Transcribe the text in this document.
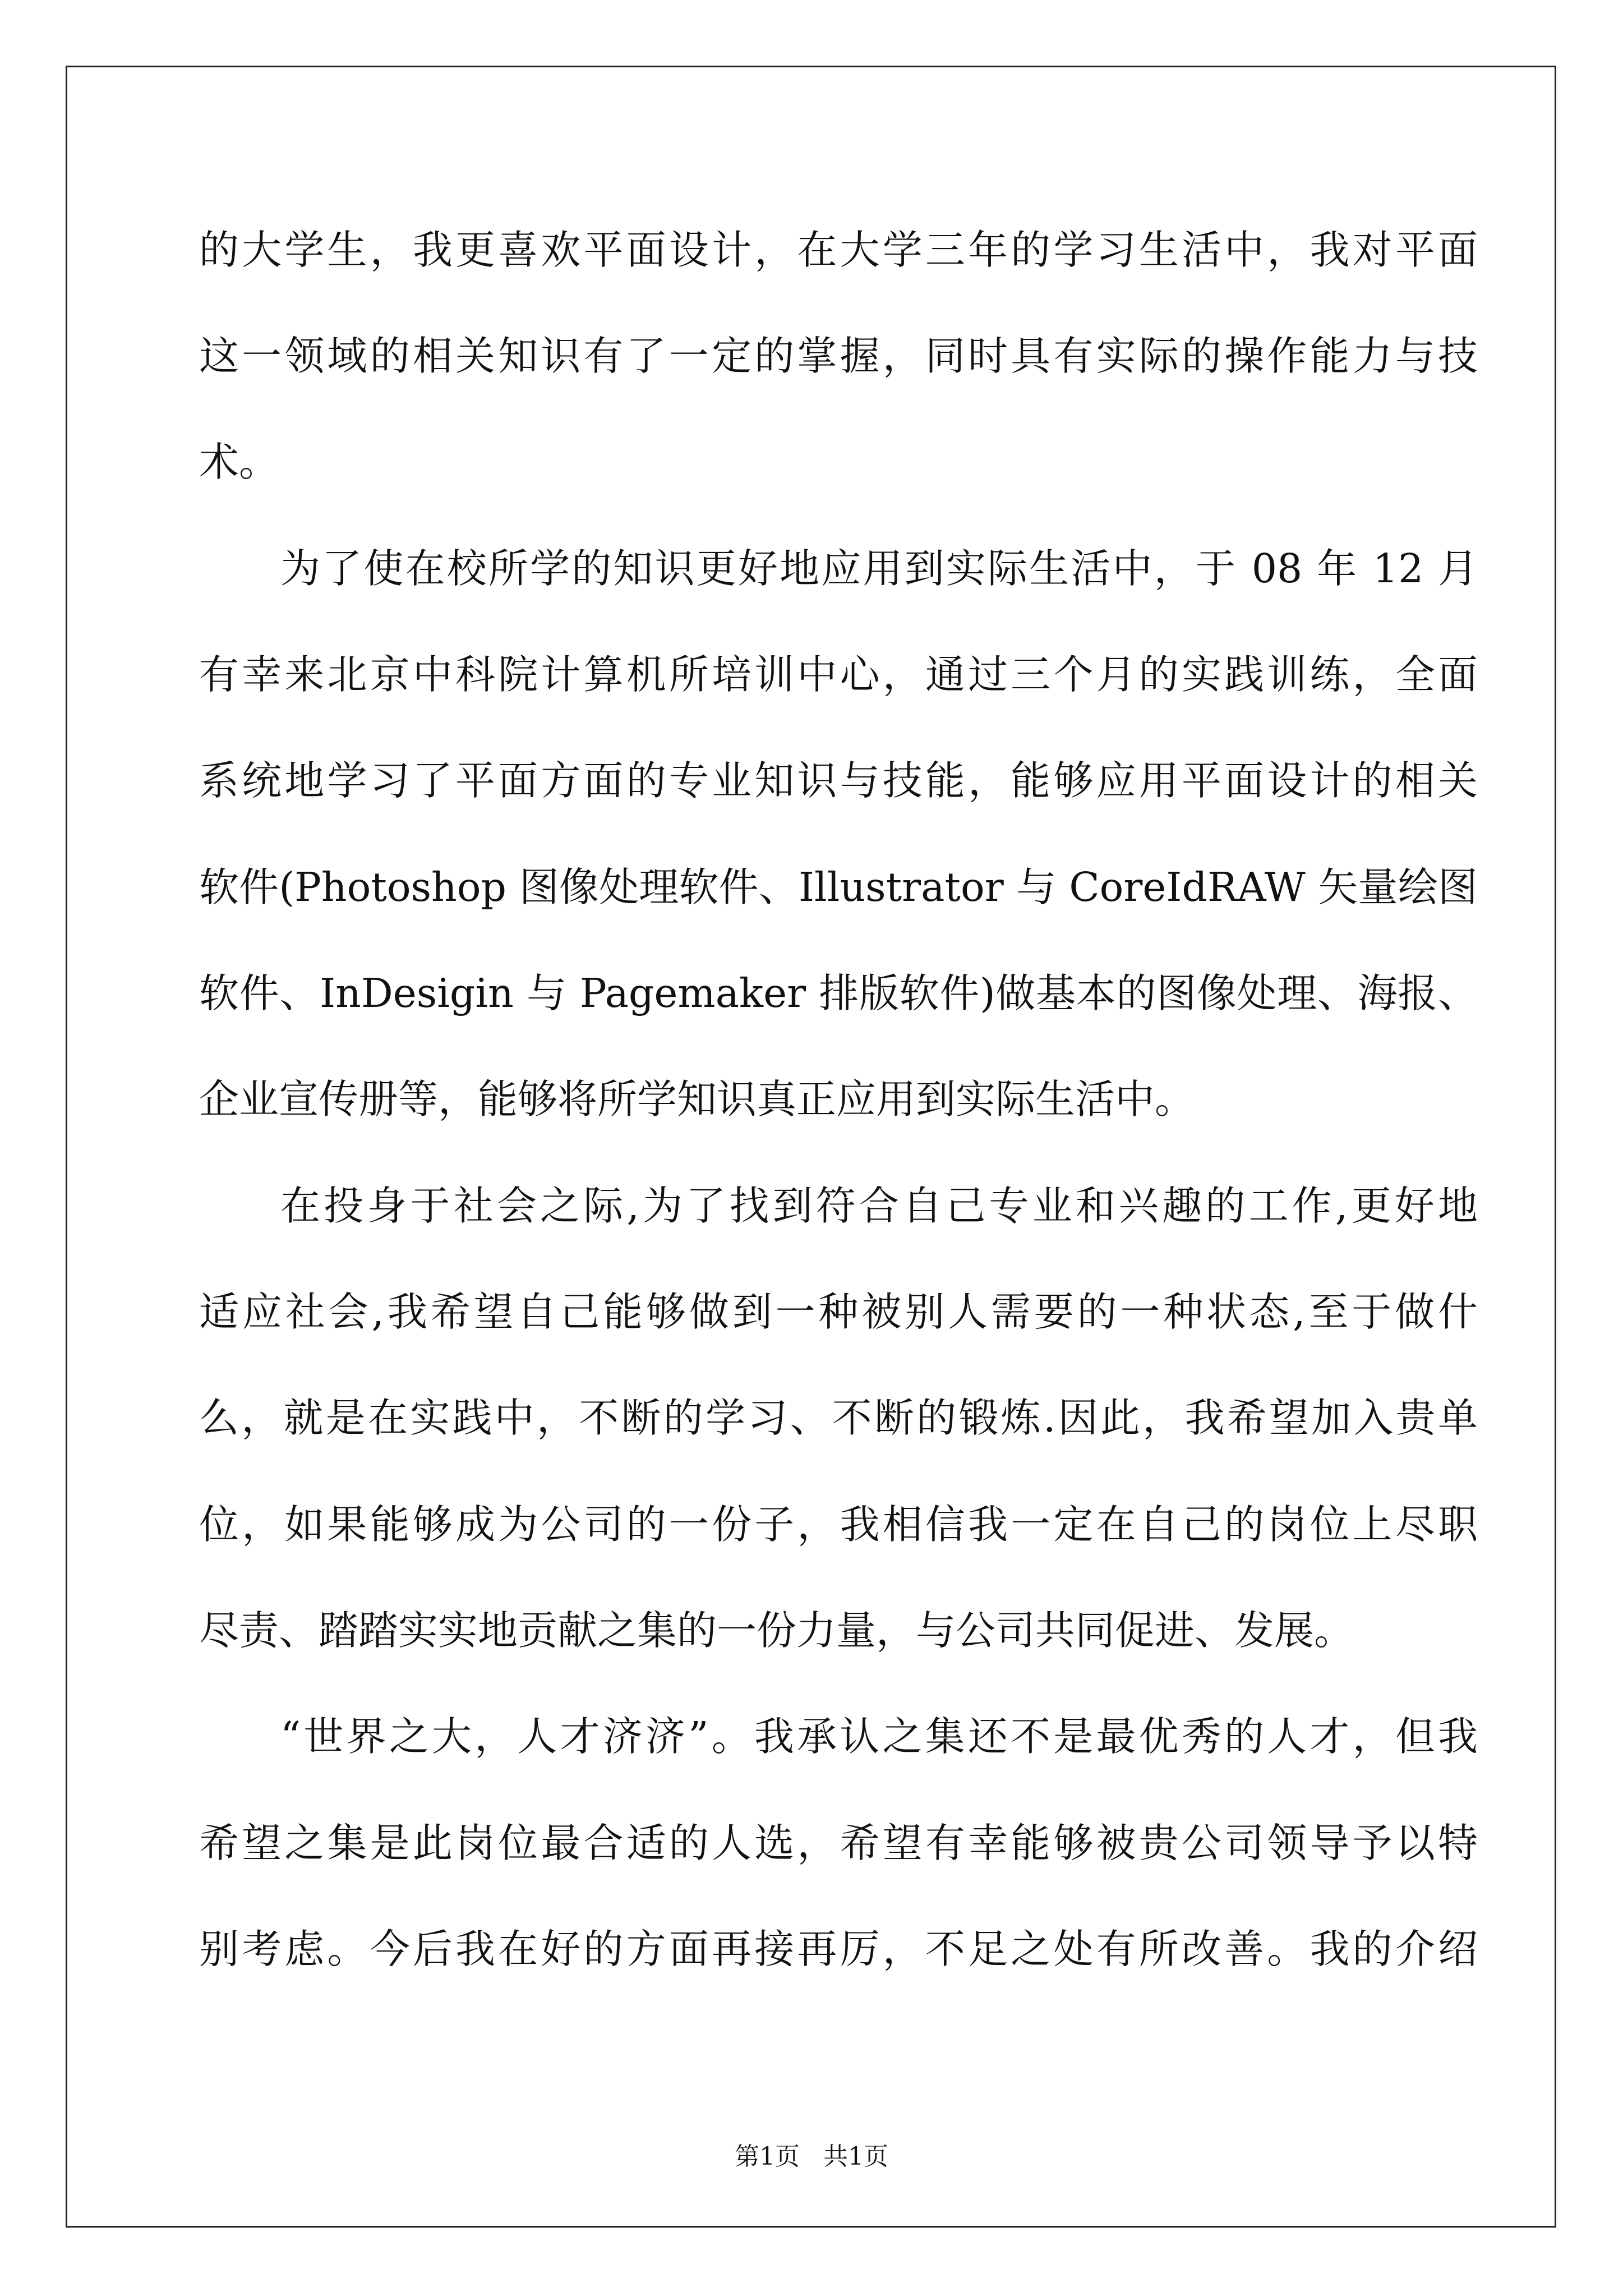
的大学生，我更喜欢平面设计，在大学三年的学习生活中，我对平面
这一领域的相关知识有了一定的掌握，同时具有实际的操作能力与技
术。
为了使在校所学的知识更好地应用到实际生活中，于 08 年 12 月
有幸来北京中科院计算机所培训中心，通过三个月的实践训练，全面
系统地学习了平面方面的专业知识与技能，能够应用平面设计的相关
软件(Photoshop 图像处理软件、Illustrator 与 CoreIdRAW 矢量绘图
软件、InDesigin 与 Pagemaker 排版软件)做基本的图像处理、海报、
企业宣传册等，能够将所学知识真正应用到实际生活中。
在投身于社会之际,为了找到符合自己专业和兴趣的工作,更好地
适应社会,我希望自己能够做到一种被别人需要的一种状态,至于做什
么，就是在实践中，不断的学习、不断的锻炼.因此，我希望加入贵单
位，如果能够成为公司的一份子，我相信我一定在自己的岗位上尽职
尽责、踏踏实实地贡献之集的一份力量，与公司共同促进、发展。
“世界之大，人才济济”。我承认之集还不是最优秀的人才，但我
希望之集是此岗位最合适的人选，希望有幸能够被贵公司领导予以特
别考虑。今后我在好的方面再接再厉，不足之处有所改善。我的介绍
第1页   共1页
